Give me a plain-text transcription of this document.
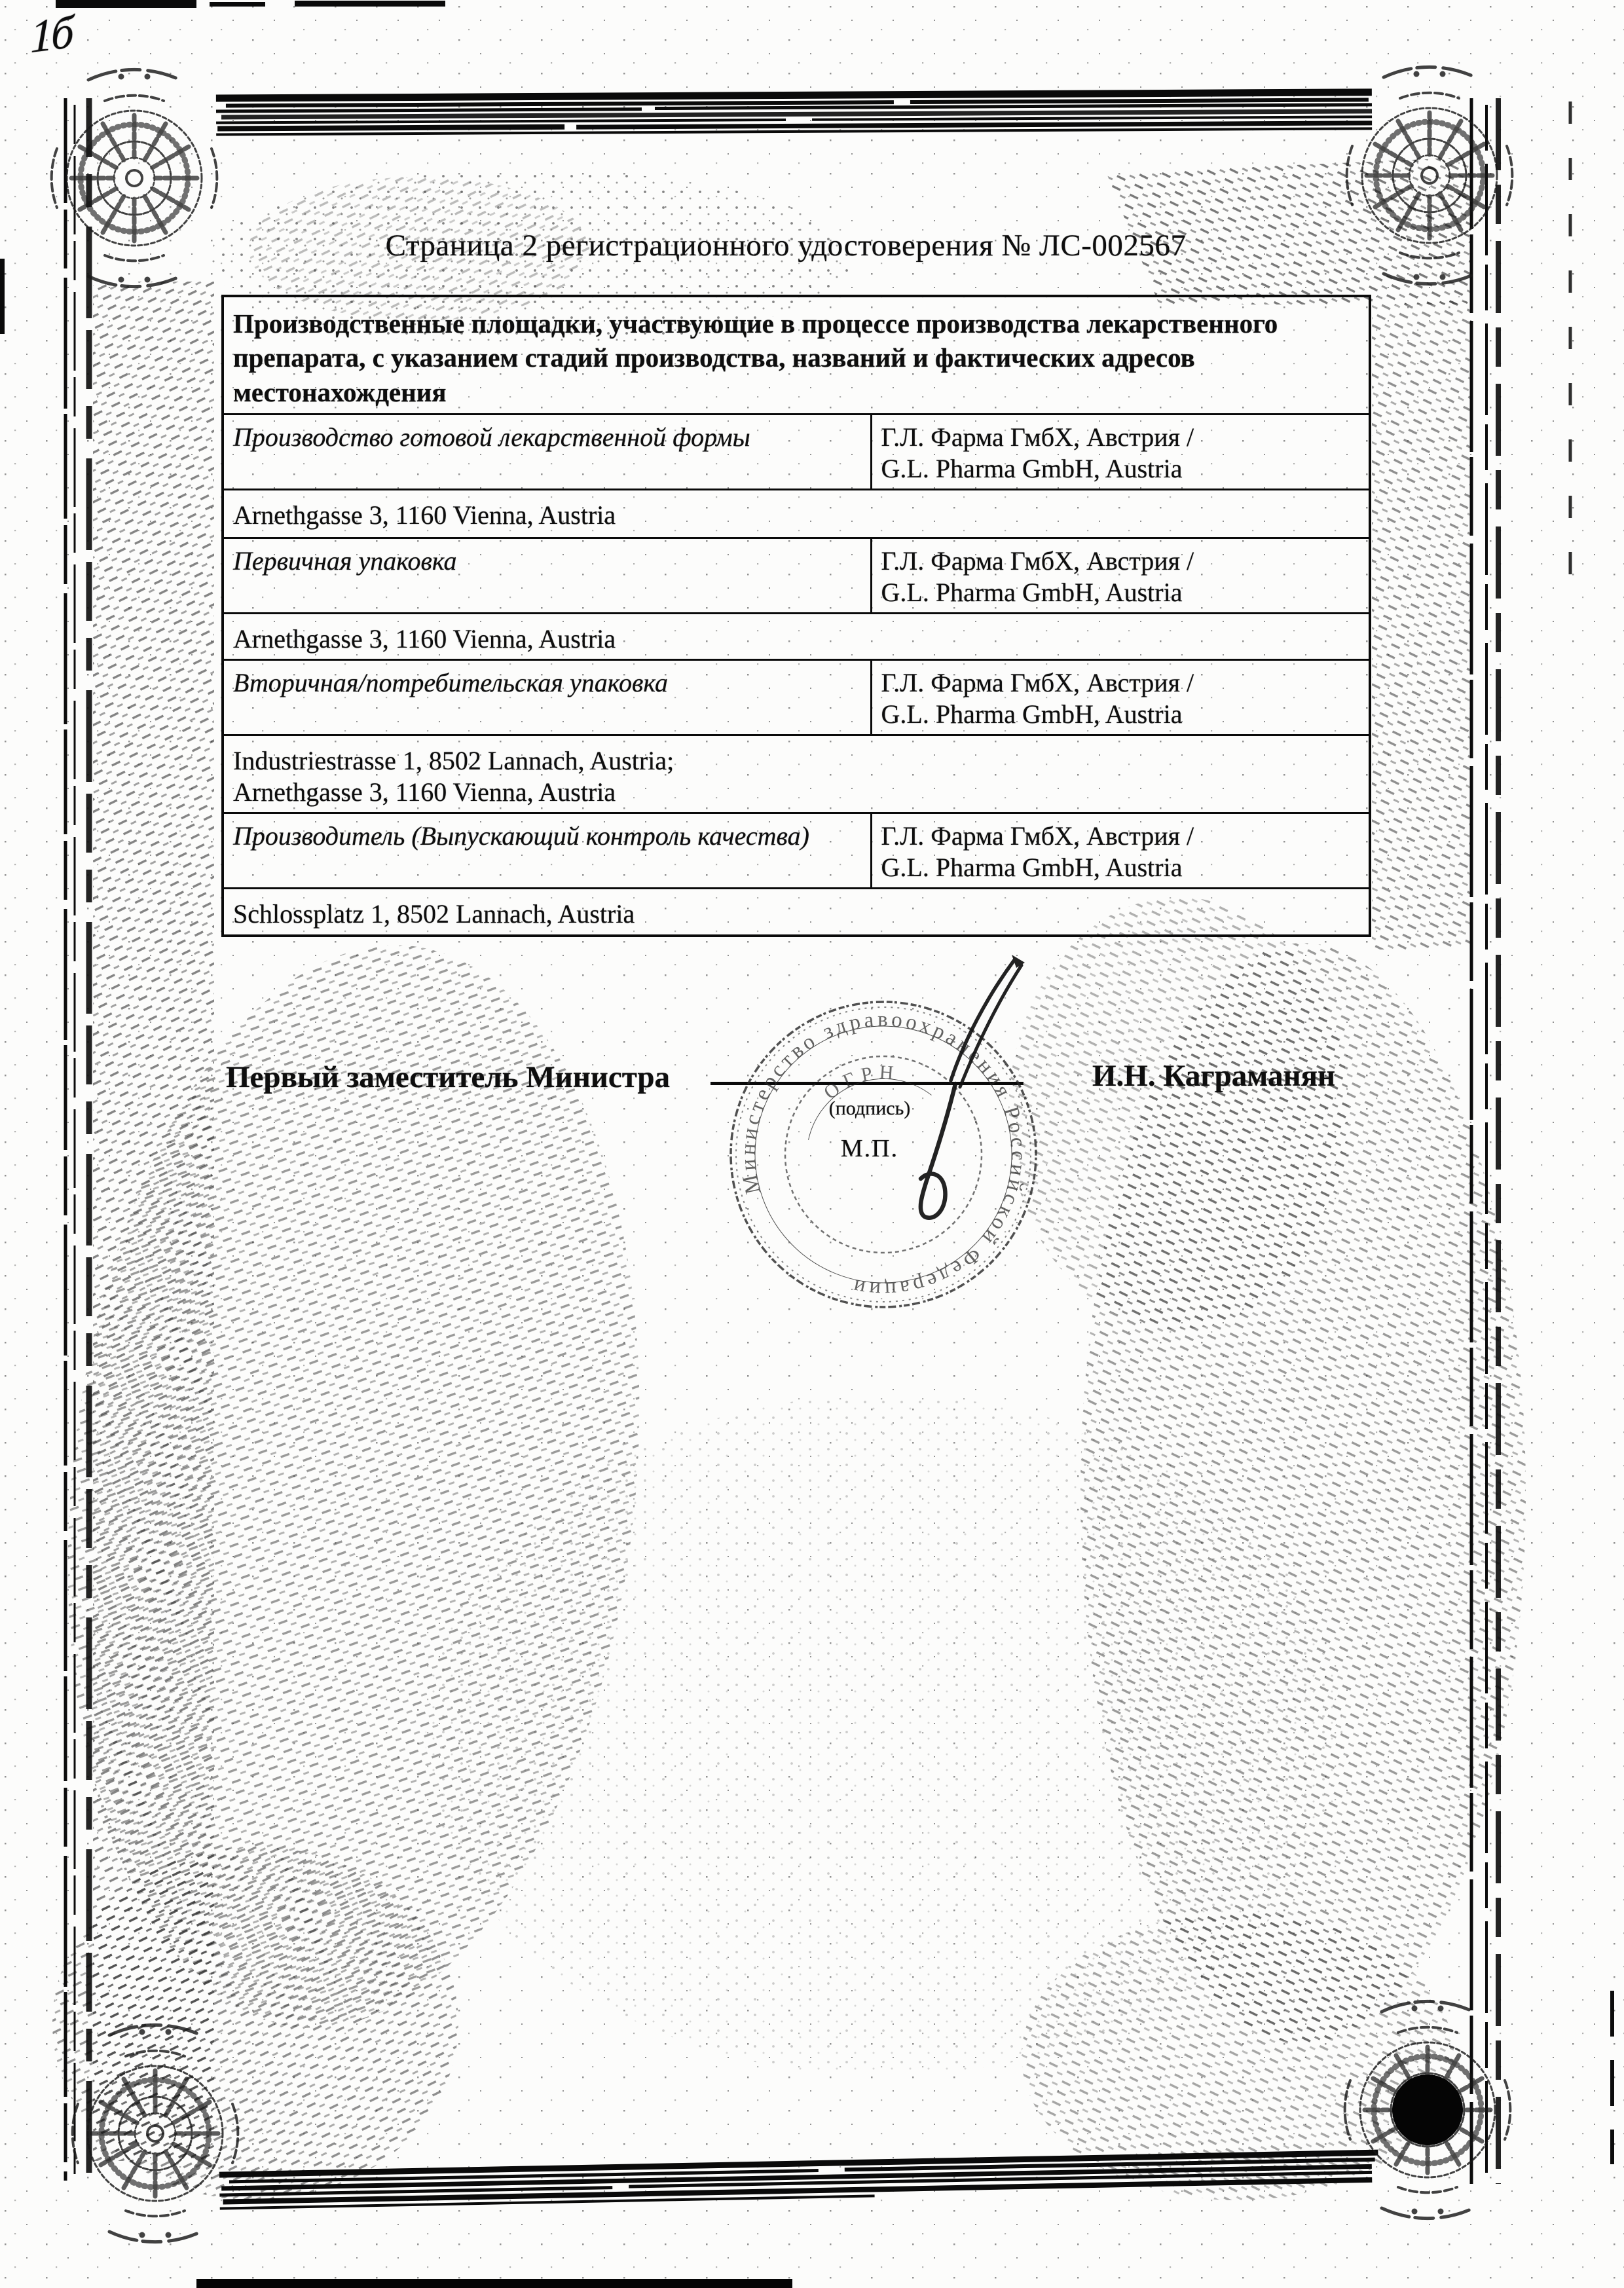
1б
Страница 2 регистрационного удостоверения № ЛС-002567
Производственные площадки, участвующие в процессе производства лекарственного препарата, с указанием стадий производства, названий и фактических адресов местонахождения	
Производство готовой лекарственной формы	Г.Л. Фарма ГмбХ, Австрия /
G.L. Pharma GmbH, Austria
Arnethgasse 3, 1160 Vienna, Austria	
Первичная упаковка	Г.Л. Фарма ГмбХ, Австрия /
G.L. Pharma GmbH, Austria
Arnethgasse 3, 1160 Vienna, Austria	
Вторичная/потребительская упаковка	Г.Л. Фарма ГмбХ, Австрия /
G.L. Pharma GmbH, Austria
Industriestrasse 1, 8502 Lannach, Austria;
Arnethgasse 3, 1160 Vienna, Austria	
Производитель (Выпускающий контроль качества)	Г.Л. Фарма ГмбХ, Австрия /
G.L. Pharma GmbH, Austria
Schlossplatz 1, 8502 Lannach, Austria	
Первый заместитель Министра	И.Н. Каграманян
(подпись)
М.П.
Министерство здравоохранения Российской Федерации
ОГРН
